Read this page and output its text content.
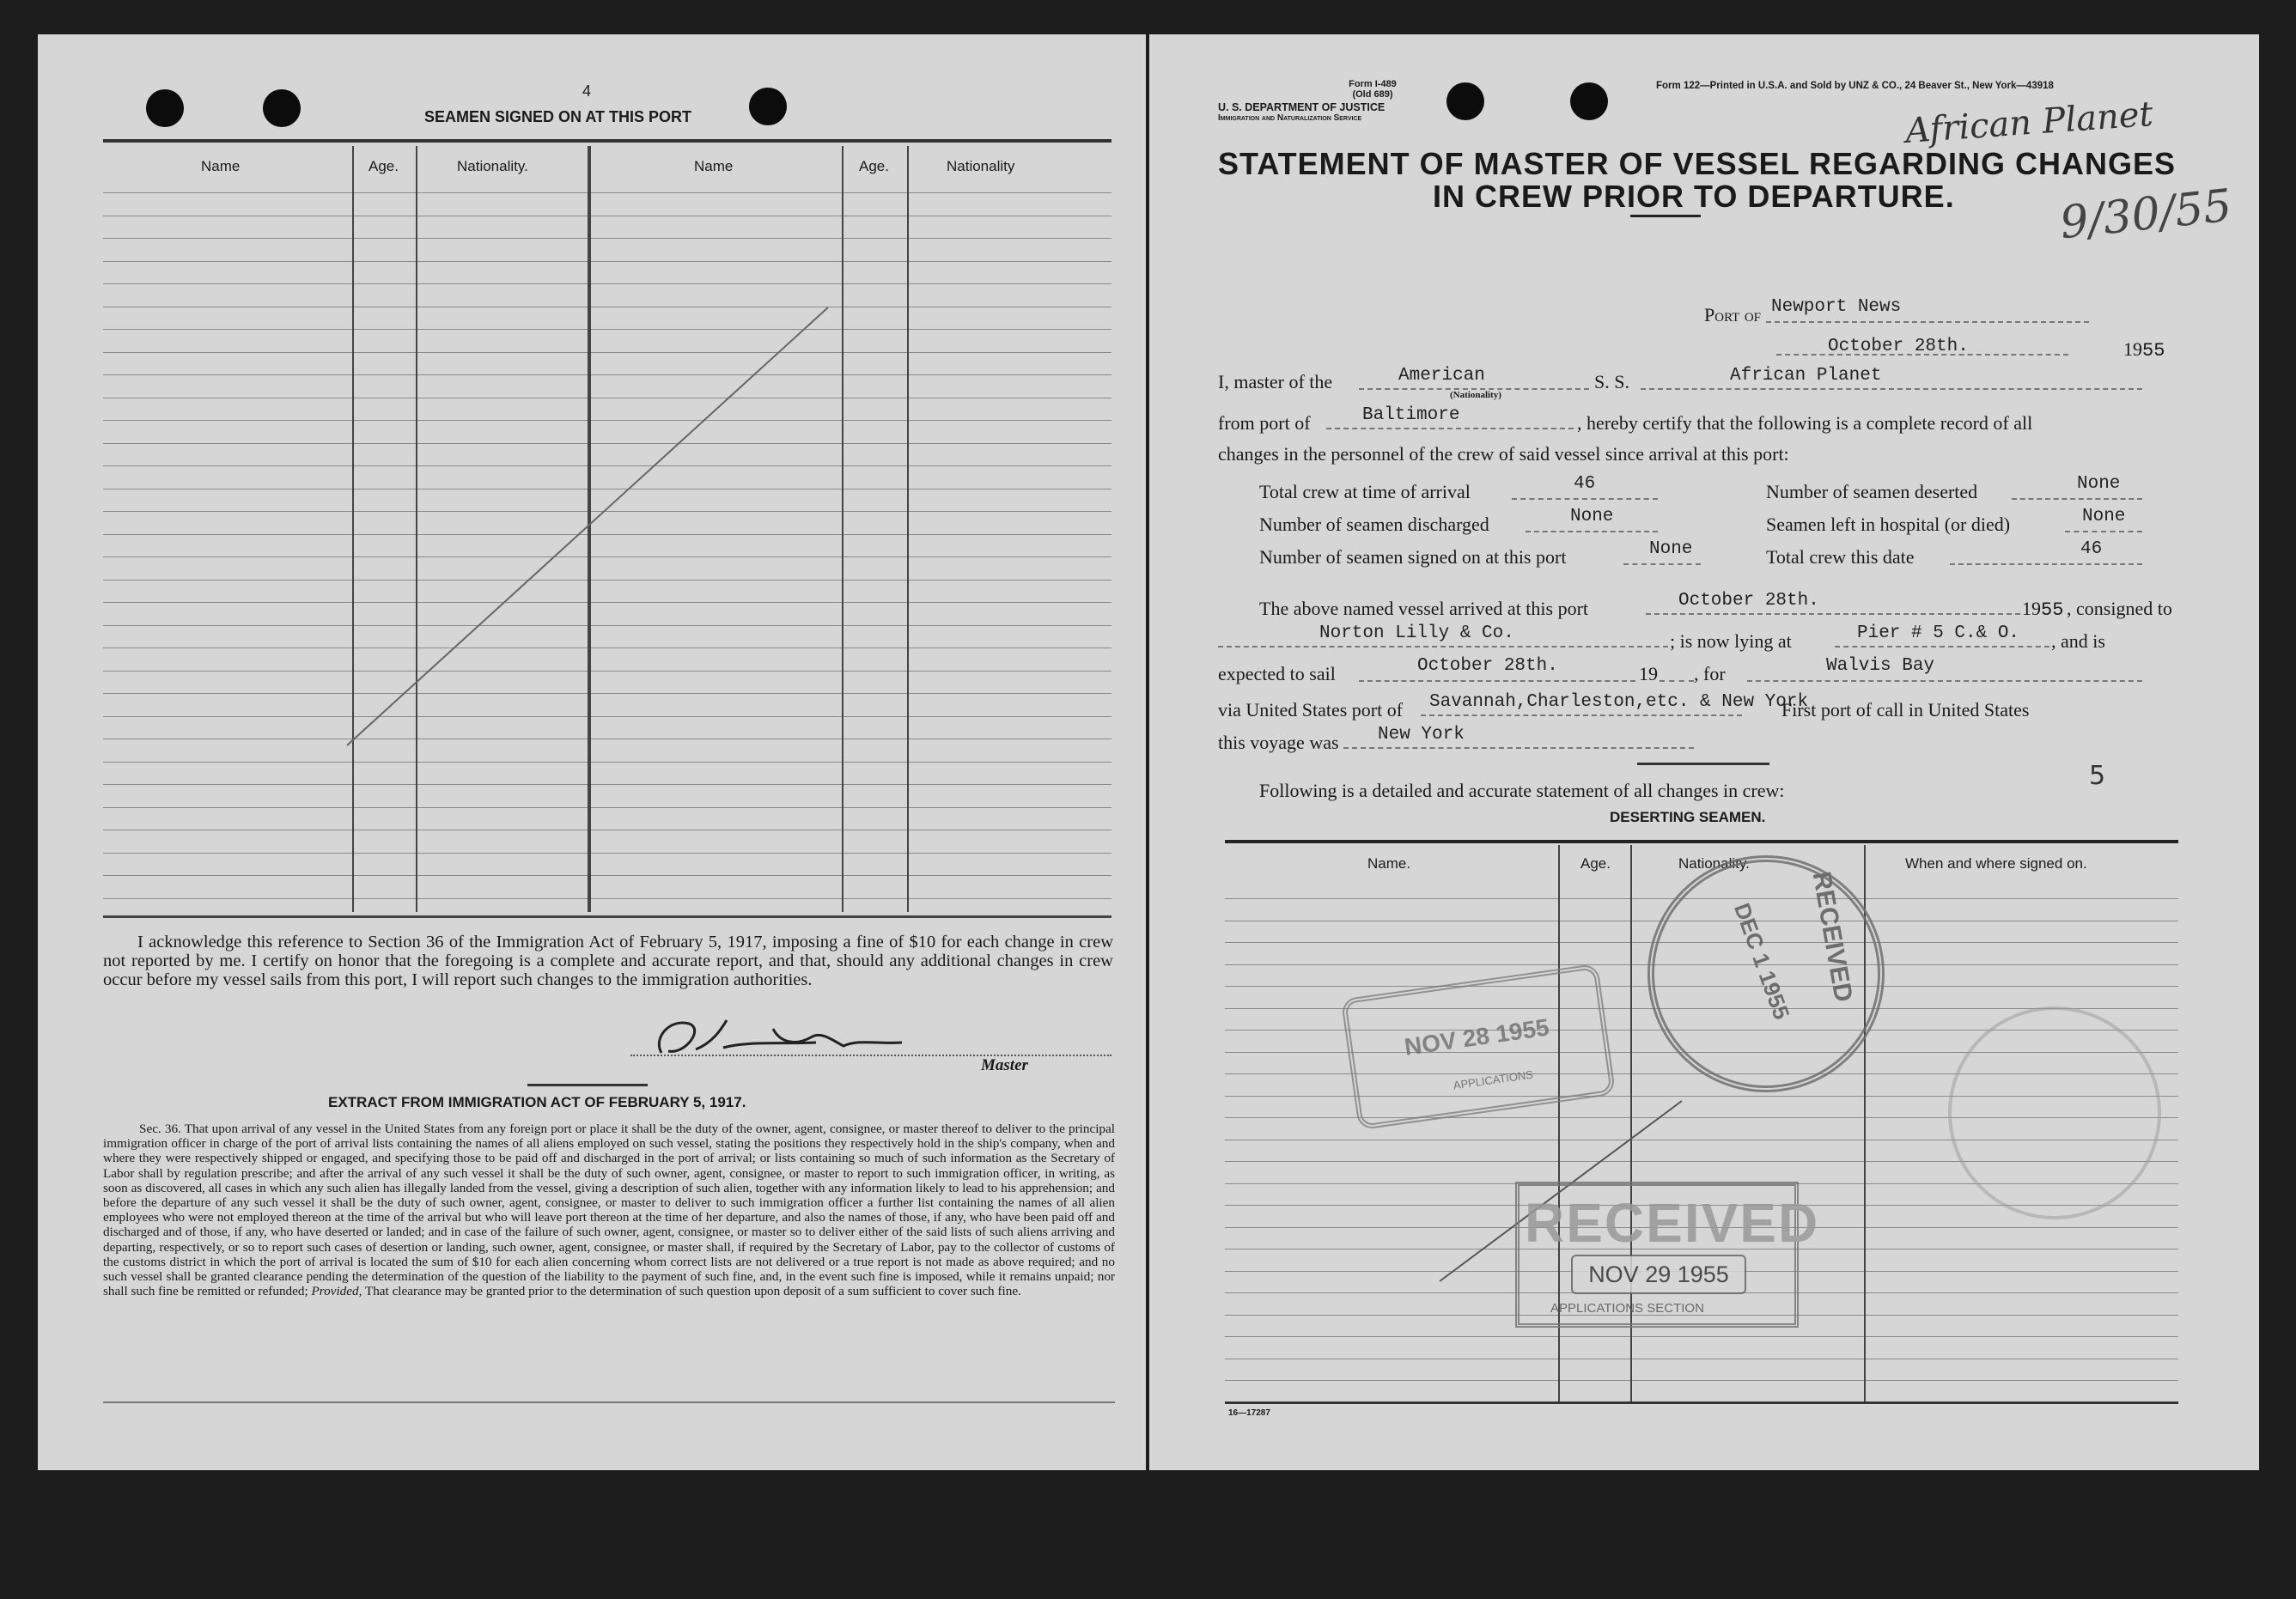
4
SEAMEN SIGNED ON AT THIS PORT
Name	Age.	Nationality.	Name	Age.	Nationality
I acknowledge this reference to Section 36 of the Immigration Act of February 5, 1917, imposing a fine of $10 for each change in crew not reported by me. I certify on honor that the foregoing is a complete and accurate report, and that, should any additional changes in crew occur before my vessel sails from this port, I will report such changes to the immigration authorities.
Master
EXTRACT FROM IMMIGRATION ACT OF FEBRUARY 5, 1917.
Sec. 36. That upon arrival of any vessel in the United States from any foreign port or place it shall be the duty of the owner, agent, consignee, or master thereof to deliver to the principal immigration officer in charge of the port of arrival lists containing the names of all aliens employed on such vessel, stating the positions they respectively hold in the ship's company, when and where they were respectively shipped or engaged, and specifying those to be paid off and discharged in the port of arrival; or lists containing so much of such information as the Secretary of Labor shall by regulation prescribe; and after the arrival of any such vessel it shall be the duty of such owner, agent, consignee, or master to report to such immigration officer, in writing, as soon as discovered, all cases in which any such alien has illegally landed from the vessel, giving a description of such alien, together with any information likely to lead to his apprehension; and before the departure of any such vessel it shall be the duty of such owner, agent, consignee, or master to deliver to such immigration officer a further list containing the names of all alien employees who were not employed thereon at the time of the arrival but who will leave port thereon at the time of her departure, and also the names of those, if any, who have been paid off and discharged and of those, if any, who have deserted or landed; and in case of the failure of such owner, agent, consignee, or master so to deliver either of the said lists of such aliens arriving and departing, respectively, or so to report such cases of desertion or landing, such owner, agent, consignee, or master shall, if required by the Secretary of Labor, pay to the collector of customs of the customs district in which the port of arrival is located the sum of $10 for each alien concerning whom correct lists are not delivered or a true report is not made as above required; and no such vessel shall be granted clearance pending the determination of the question of the liability to the payment of such fine, and, in the event such fine is imposed, while it remains unpaid; nor shall such fine be remitted or refunded; Provided, That clearance may be granted prior to the determination of such question upon deposit of a sum sufficient to cover such fine.
Form I-489
(Old 689)
U. S. DEPARTMENT OF JUSTICE
Immigration and Naturalization Service
Form 122—Printed in U.S.A. and Sold by UNZ & CO., 24 Beaver St., New York—43918
African Planet
9/30/55
STATEMENT OF MASTER OF VESSEL REGARDING CHANGES
IN CREW PRIOR TO DEPARTURE.
Port of Newport News
October 28th.	1955
I, master of the	American
(Nationality)
S. S.	African Planet
from port of	Baltimore	, hereby certify that the following is a complete record of all
changes in the personnel of the crew of said vessel since arrival at this port:
Total crew at time of arrival	46	Number of seamen deserted	None
Number of seamen discharged	None	Seamen left in hospital (or died)	None
Number of seamen signed on at this port	None	Total crew this date	46
The above named vessel arrived at this port	October 28th.	1955 , consigned to
Norton Lilly & Co.	; is now lying at	Pier # 5 C.& O. , and is
expected to sail	October 28th.	19 , for	Walvis Bay
via United States port of Savannah,Charleston,etc. & New York
First port of call in United States
this voyage was New York
5
Following is a detailed and accurate statement of all changes in crew:
DESERTING SEAMEN.
Name.	Age.	Nationality.	When and where signed on.
NOV 28 1955
APPLICATIONS
DEC 1 1955 RECEIVED
RECEIVED
NOV 29 1955
APPLICATIONS SECTION
16—17287
